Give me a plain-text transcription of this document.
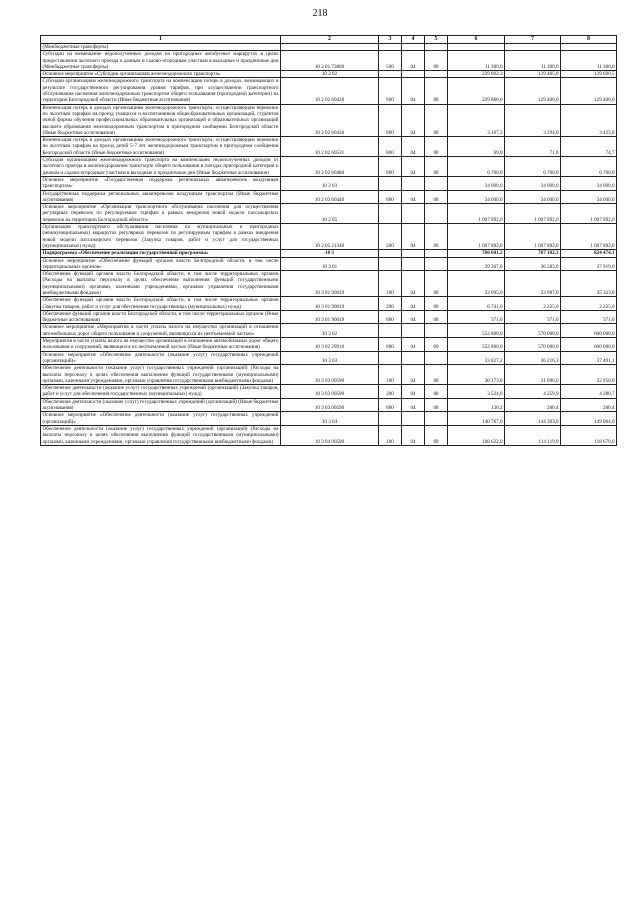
218
1	2	3	4	5	6	7	8
(Межбюджетные трансферты)							
Субсидии на возмещение недополученных доходов на пригородных автобусных маршрутах в целях предоставления льготного проезда к дачным и садово-огородным участкам в выходные и праздничные дни (Межбюджетные трансферты)	10 2 01 73860	500	04	08	11 300,0	11 300,0	11 300,0
Основное мероприятие «Субсидии организациям железнодорожного транспорта»	10 2 02				239 802,3	139 465,8	139 600,5
Субсидии организациям железнодорожного транспорта на компенсацию потерь в доходах, возникающих в результате государственного регулирования уровня тарифов, при осуществлении транспортного обслуживания населения железнодорожным транспортом общего пользования (пригородной категории) на территории Белгородской области (Иные бюджетные ассигнования)	10 2 02 60420	800	04	08	229 866,0	129 400,0	129 400,0
Компенсация потерь в доходах организациям железнодорожного транспорта, осуществляющим перевозки по льготным тарифам на проезд учащихся и воспитанников общеобразовательных организаций, студентов очной формы обучения профессиональных образовательных организаций и образовательных организаций высшего образования железнодорожным транспортом в пригородном сообщении Белгородской области (Иные бюджетные ассигнования)	10 2 02 60430	800	04	08	3 167,3	3 294,0	3 425,8
Компенсация потерь в доходах организациям железнодорожного транспорта, осуществляющим перевозки по льготным тарифам на проезд детей 5-7 лет железнодорожным транспортом в пригородном сообщении Белгородской области (Иные бюджетные ассигнования)	10 2 02 60531	800	04	08	69,0	71,8	74,7
Субсидия организациям железнодорожного транспорта на компенсацию недополученных доходов от льготного проезда в железнодорожном транспорте общего пользования в поездах пригородной категории к дачным и садово-огородным участкам в выходные и праздничные дни (Иные бюджетные ассигнования)	10 2 02 60480	800	04	08	6 700,0	6 700,0	6 700,0
Основное мероприятие «Государственная поддержка региональных авиаперевозок воздушным транспортом»	10 2 03				34 000,0	34 000,0	34 000,0
Государственная поддержка региональных авиаперевозок воздушным транспортом (Иные бюджетные ассигнования)	10 2 03 60440	800	04	08	34 000,0	34 000,0	34 000,0
Основное мероприятие «Организация транспортного обслуживания населения для осуществления регулярных перевозок по регулируемым тарифам в рамках внедрения новой модели пассажирских перевозок на территории Белгородской области»	10 2 05				1 067 892,0	1 067 892,0	1 067 892,0
Организация транспортного обслуживания населения на муниципальных и пригородных (межмуниципальных) маршрутах регулярных перевозок по регулируемым тарифам в рамках внедрения новой модели пассажирских перевозок (Закупка товаров, работ и услуг для государственных (муниципальных) нужд)	10 2 05 21340	200	04	08	1 067 892,0	1 067 892,0	1 067 892,0
Подпрограмма «Обеспечение реализации государственной программы»	10 3				766 601,2	787 102,3	824 474,1
Основное мероприятие «Обеспечение функций органов власти Белгородской области, в том числе территориальных органов»	10 3 01				39 207,0	36 583,0	37 919,0
Обеспечение функций органов власти Белгородской области, в том числе территориальных органов (Расходы на выплаты персоналу в целях обеспечения выполнения функций государственными (муниципальными) органами, казенными учреждениями, органами управления государственными внебюджетными фондами)	10 3 01 90019	100	04	08	32 095,0	33 987,0	35 323,0
Обеспечение функций органов власти Белгородской области, в том числе территориальных органов (Закупка товаров, работ и услуг для обеспечения государственных (муниципальных) нужд)	10 3 01 90019	200	04	08	6 741,0	2 225,0	2 225,0
Обеспечение функций органов власти Белгородской области, в том числе территориальных органов (Иные бюджетные ассигнования)	10 3 01 90019	800	04	08	371,0	371,0	371,0
Основное мероприятие «Мероприятия в части уплаты налога на имущество организаций в отношении автомобильных дорог общего пользования и сооружений, являющихся их неотъемлемой частью»	10 3 02				552 800,0	570 000,0	600 000,0
Мероприятия в части уплаты налога на имущество организаций в отношении автомобильных дорог общего пользования и сооружений, являющихся их неотъемлемой частью (Иные бюджетные ассигнования)	10 3 02 29910	800	04	09	552 800,0	570 000,0	600 000,0
Основное мероприятие «Обеспечение деятельности (оказание услуг) государственных учреждений (организаций)»	10 3 03				33 827,2	36 216,3	37 491,1
Обеспечение деятельности (оказание услуг) государственных учреждений (организаций) (Расходы на выплаты персоналу в целях обеспечения выполнения функций государственными (муниципальными) органами, казенными учреждениями, органами управления государственными внебюджетными фондами)	10 3 03 00590	100	04	08	30 173,0	31 696,0	32 950,0
Обеспечение деятельности (оказание услуг) государственных учреждений (организаций) (Закупка товаров, работ и услуг для обеспечения государственных (муниципальных) нужд)	10 3 03 00590	200	04	08	3 524,0	4 259,9	4 280,7
Обеспечение деятельности (оказание услуг) государственных учреждений (организаций) (Иные бюджетные ассигнования)	10 3 03 00590	800	04	08	130,2	260,4	260,4
Основное мероприятие «Обеспечение деятельности (оказание услуг) государственных учреждений (организаций)»	10 3 04				140 767,0	144 303,0	149 064,0
Обеспечение деятельности (оказание услуг) государственных учреждений (организаций) (Расходы на выплаты персоналу в целях обеспечения выполнения функций государственными (муниципальными) органами, казенными учреждениями, органами управления государственными внебюджетными фондами)	10 3 04 00590	100	04	09	108 622,0	114 119,0	118 670,0
